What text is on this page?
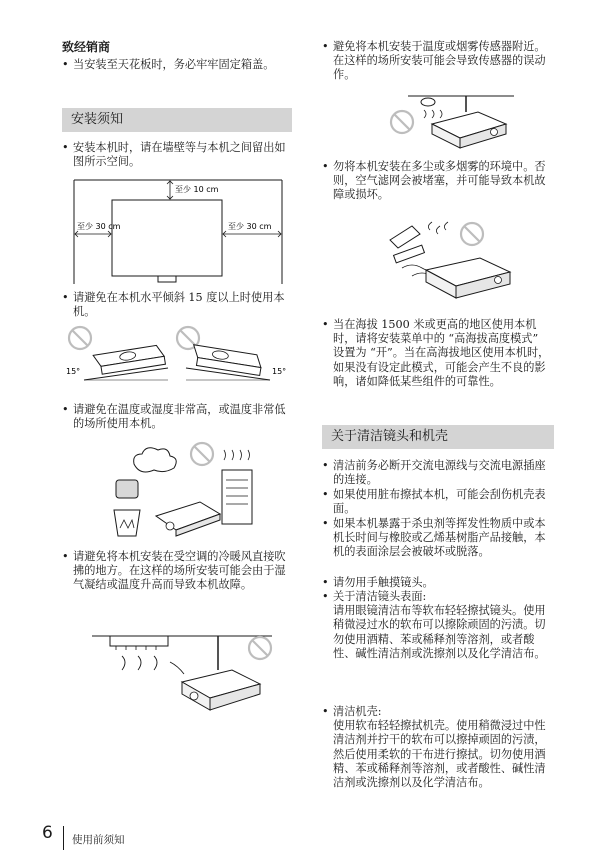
致经销商
• 当安装至天花板时，务必牢牢固定箱盖。
安装须知
• 安装本机时，请在墙壁等与本机之间留出如图所示空间。
至少 10 cm
至少 30 cm	至少 30 cm
• 请避免在本机水平倾斜 15 度以上时使用本机。
15°	15°
• 请避免在温度或湿度非常高，或温度非常低的场所使用本机。
• 请避免将本机安装在受空调的冷暖风直接吹拂的地方。在这样的场所安装可能会由于湿气凝结或温度升高而导致本机故障。
• 避免将本机安装于温度或烟雾传感器附近。在这样的场所安装可能会导致传感器的误动作。
• 勿将本机安装在多尘或多烟雾的环境中。否则，空气滤网会被堵塞，并可能导致本机故障或损坏。
• 当在海拔 1500 米或更高的地区使用本机时，请将安装菜单中的 “高海拔高度模式” 设置为 “开”。当在高海拔地区使用本机时，如果没有设定此模式，可能会产生不良的影响，诸如降低某些组件的可靠性。
关于清洁镜头和机壳
• 清洁前务必断开交流电源线与交流电源插座的连接。
• 如果使用脏布擦拭本机，可能会刮伤机壳表面。
• 如果本机暴露于杀虫剂等挥发性物质中或本机长时间与橡胶或乙烯基树脂产品接触，本机的表面涂层会被破坏或脱落。
• 请勿用手触摸镜头。
• 关于清洁镜头表面:
请用眼镜清洁布等软布轻轻擦拭镜头。使用稍微浸过水的软布可以擦除顽固的污渍。切勿使用酒精、苯或稀释剂等溶剂，或者酸性、碱性清洁剂或洗擦剂以及化学清洁布。
• 清洁机壳:
使用软布轻轻擦拭机壳。使用稍微浸过中性清洁剂并拧干的软布可以擦掉顽固的污渍，然后使用柔软的干布进行擦拭。切勿使用酒精、苯或稀释剂等溶剂，或者酸性、碱性清洁剂或洗擦剂以及化学清洁布。
6 使用前须知
